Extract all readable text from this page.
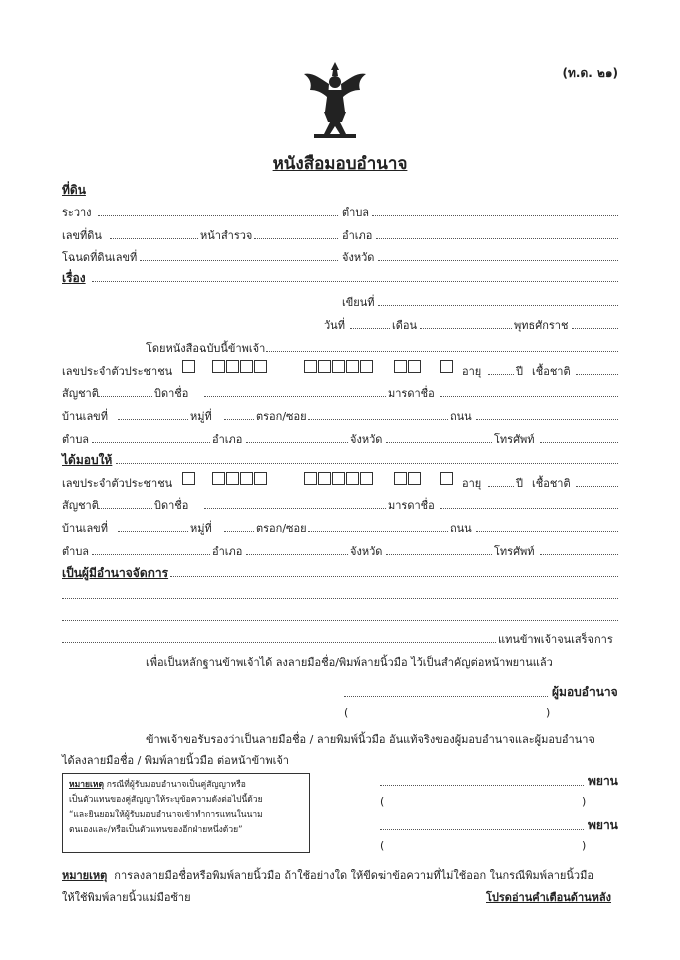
(ท.ด. ๒๑)
หนังสือมอบอำนาจ
ที่ดิน
ระวาง	ตำบล
เลขที่ดิน	หน้าสำรวจ	อำเภอ
โฉนดที่ดินเลขที่	จังหวัด
เรื่อง
เขียนที่
วันที่	เดือน	พุทธศักราช
โดยหนังสือฉบับนี้ข้าพเจ้า
เลขประจำตัวประชาชน	อายุ	ปี เชื้อชาติ
สัญชาติ	บิดาชื่อ	มารดาชื่อ
บ้านเลขที่	หมู่ที่	ตรอก/ซอย	ถนน
ตำบล	อำเภอ	จังหวัด	โทรศัพท์
ได้มอบให้
เลขประจำตัวประชาชน	อายุ	ปี เชื้อชาติ
สัญชาติ	บิดาชื่อ	มารดาชื่อ
บ้านเลขที่	หมู่ที่	ตรอก/ซอย	ถนน
ตำบล	อำเภอ	จังหวัด	โทรศัพท์
เป็นผู้มีอำนาจจัดการ
แทนข้าพเจ้าจนเสร็จการ
เพื่อเป็นหลักฐานข้าพเจ้าได้ ลงลายมือชื่อ/พิมพ์ลายนิ้วมือ ไว้เป็นสำคัญต่อหน้าพยานแล้ว
ผู้มอบอำนาจ
(	)
ข้าพเจ้าขอรับรองว่าเป็นลายมือชื่อ / ลายพิมพ์นิ้วมือ อันแท้จริงของผู้มอบอำนาจและผู้มอบอำนาจ
ได้ลงลายมือชื่อ / พิมพ์ลายนิ้วมือ ต่อหน้าข้าพเจ้า
หมายเหตุ กรณีที่ผู้รับมอบอำนาจเป็นคู่สัญญาหรือ
เป็นตัวแทนของคู่สัญญาให้ระบุข้อความดังต่อไปนี้ด้วย
“และยินยอมให้ผู้รับมอบอำนาจเข้าทำการแทนในนาม
ตนเองและ/หรือเป็นตัวแทนของอีกฝ่ายหนึ่งด้วย”
พยาน
(	)
พยาน
(	)
หมายเหตุ การลงลายมือชื่อหรือพิมพ์ลายนิ้วมือ ถ้าใช้อย่างใด ให้ขีดฆ่าข้อความที่ไม่ใช้ออก ในกรณีพิมพ์ลายนิ้วมือ
ให้ใช้พิมพ์ลายนิ้วแม่มือซ้าย	โปรดอ่านคำเตือนด้านหลัง
